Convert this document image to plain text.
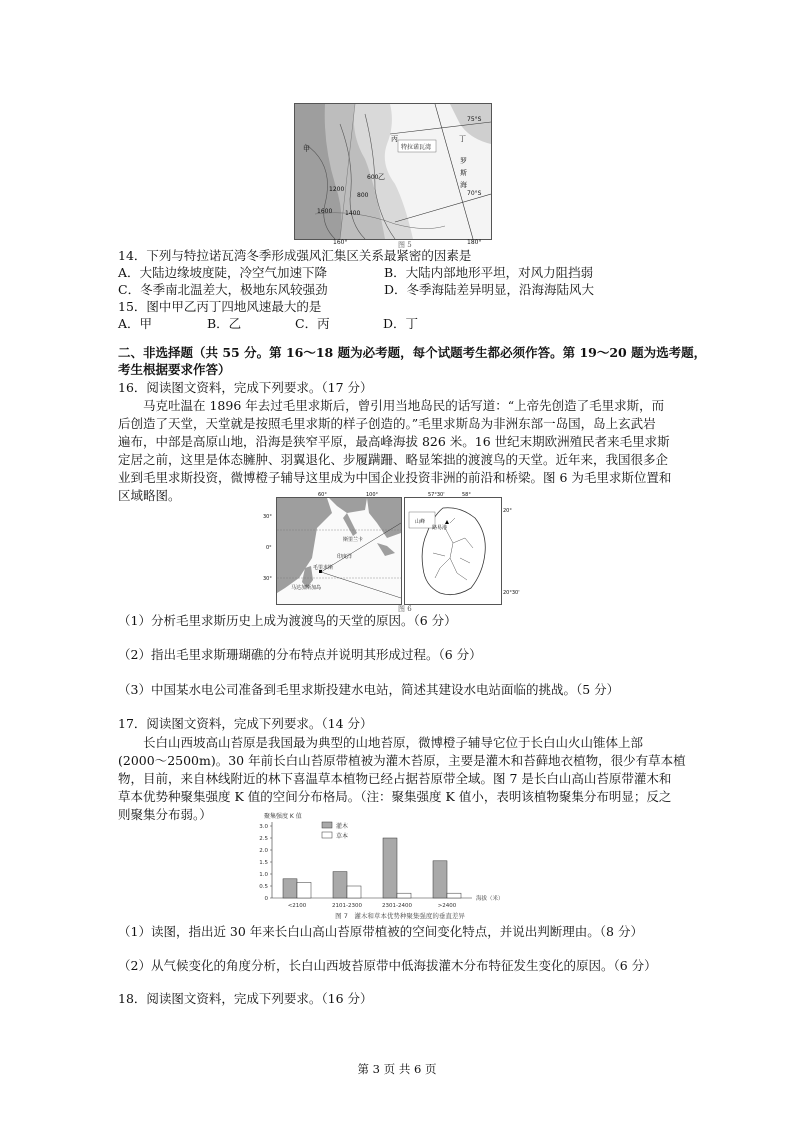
特拉诺瓦湾
甲
乙
丙	丁
罗
斯
海
1200
1600
800
1400
600
75°S
70°S
160°	180°
图 5
14．下列与特拉诺瓦湾冬季形成强风汇集区关系最紧密的因素是
A．大陆边缘坡度陡，冷空气加速下降	B．大陆内部地形平坦，对风力阻挡弱
C．冬季南北温差大，极地东风较强劲	D．冬季海陆差异明显，沿海海陆风大
15．图中甲乙丙丁四地风速最大的是
A．甲	B．乙	C．丙	D．丁
二、非选择题（共 55 分。第 16～18 题为必考题，每个试题考生都必须作答。第 19～20 题为选考题，
考生根据要求作答）
16．阅读图文资料，完成下列要求。（17 分）
马克吐温在 1896 年去过毛里求斯后，曾引用当地岛民的话写道：“上帝先创造了毛里求斯，而
后创造了天堂，天堂就是按照毛里求斯的样子创造的。”毛里求斯岛为非洲东部一岛国，岛上玄武岩
遍布，中部是高原山地，沿海是狭窄平原，最高峰海拔 826 米。16 世纪末期欧洲殖民者来毛里求斯
定居之前，这里是体态臃肿、羽翼退化、步履蹒跚、略显笨拙的渡渡鸟的天堂。近年来，我国很多企
业到毛里求斯投资，微博橙子辅导这里成为中国企业投资非洲的前沿和桥梁。图 6 为毛里求斯位置和
区域略图。
毛里求斯
马达加斯加岛
印度洋
斯里兰卡
60°	100°
30°
0°
30°
路易港
山峰
57°30'	58°
20°
20°30'
图 6
（1）分析毛里求斯历史上成为渡渡鸟的天堂的原因。（6 分）
（2）指出毛里求斯珊瑚礁的分布特点并说明其形成过程。（6 分）
（3）中国某水电公司准备到毛里求斯投建水电站，简述其建设水电站面临的挑战。（5 分）
17．阅读图文资料，完成下列要求。（14 分）
长白山西坡高山苔原是我国最为典型的山地苔原，微博橙子辅导它位于长白山火山锥体上部
(2000～2500m)。30 年前长白山苔原带植被为灌木苔原，主要是灌木和苔藓地衣植物，很少有草本植
物，目前，来自林线附近的林下喜温草本植物已经占据苔原带全域。图 7 是长白山高山苔原带灌木和
草本优势种聚集强度 K 值的空间分布格局。（注：聚集强度 K 值小，表明该植物聚集分布明显；反之
则聚集分布弱。）	聚集强度 K 值
0
0.5
1.0
1.5
2.0
2.5
3.0
<2100	2101-2300	2301-2400	>2400
海拔（米）
灌木
草本
图 7　灌木和草本优势种聚集强度的垂直差异
（1）读图，指出近 30 年来长白山高山苔原带植被的空间变化特点，并说出判断理由。（8 分）
（2）从气候变化的角度分析，长白山西坡苔原带中低海拔灌木分布特征发生变化的原因。（6 分）
18．阅读图文资料，完成下列要求。（16 分）
第 3 页 共 6 页
